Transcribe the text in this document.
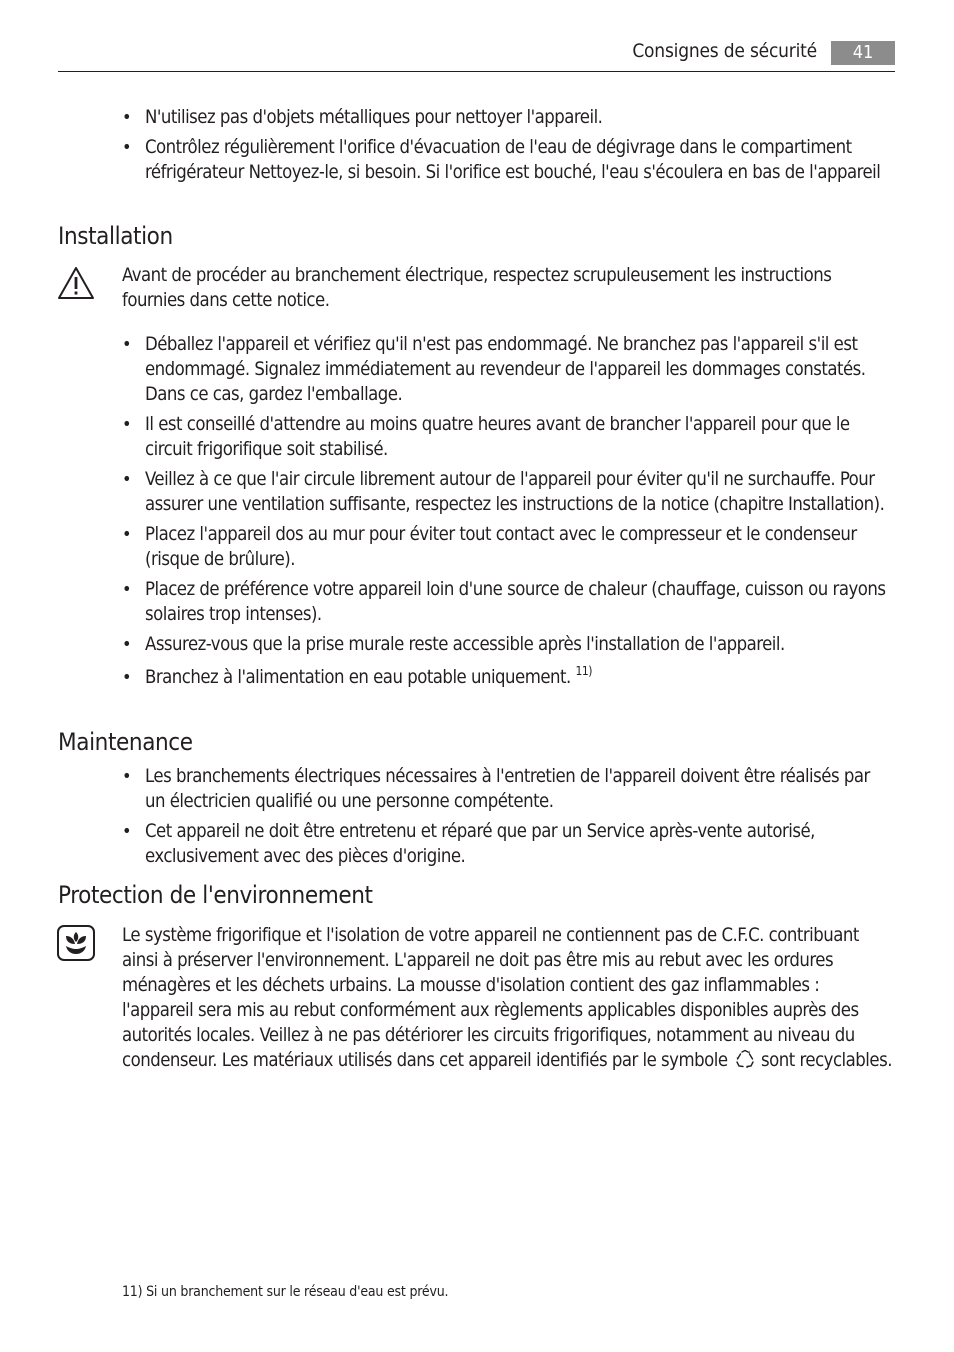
Consignes de sécurité	41
• N'utilisez pas d'objets métalliques pour nettoyer l'appareil.
• Contrôlez régulièrement l'orifice d'évacuation de l'eau de dégivrage dans le compartiment réfrigérateur Nettoyez-le, si besoin. Si l'orifice est bouché, l'eau s'écoulera en bas de l'appareil
Installation
Avant de procéder au branchement électrique, respectez scrupuleusement les instructions fournies dans cette notice.
• Déballez l'appareil et vérifiez qu'il n'est pas endommagé. Ne branchez pas l'appareil s'il est endommagé. Signalez immédiatement au revendeur de l'appareil les dommages constatés. Dans ce cas, gardez l'emballage.
• Il est conseillé d'attendre au moins quatre heures avant de brancher l'appareil pour que le circuit frigorifique soit stabilisé.
• Veillez à ce que l'air circule librement autour de l'appareil pour éviter qu'il ne surchauffe. Pour assurer une ventilation suffisante, respectez les instructions de la notice (chapitre Installation).
• Placez l'appareil dos au mur pour éviter tout contact avec le compresseur et le condenseur (risque de brûlure).
• Placez de préférence votre appareil loin d'une source de chaleur (chauffage, cuisson ou rayons solaires trop intenses).
• Assurez-vous que la prise murale reste accessible après l'installation de l'appareil.
• Branchez à l'alimentation en eau potable uniquement. $^{11)}$
Maintenance
• Les branchements électriques nécessaires à l'entretien de l'appareil doivent être réalisés par un électricien qualifié ou une personne compétente.
• Cet appareil ne doit être entretenu et réparé que par un Service après-vente autorisé, exclusivement avec des pièces d'origine.
Protection de l'environnement
Le système frigorifique et l'isolation de votre appareil ne contiennent pas de C.F.C. contribuant ainsi à préserver l'environnement. L'appareil ne doit pas être mis au rebut avec les ordures ménagères et les déchets urbains. La mousse d'isolation contient des gaz inflammables : l'appareil sera mis au rebut conformément aux règlements applicables disponibles auprès des autorités locales. Veillez à ne pas détériorer les circuits frigorifiques, notamment au niveau du condenseur. Les matériaux utilisés dans cet appareil identifiés par le symbole sont recyclables.
11) Si un branchement sur le réseau d'eau est prévu.
